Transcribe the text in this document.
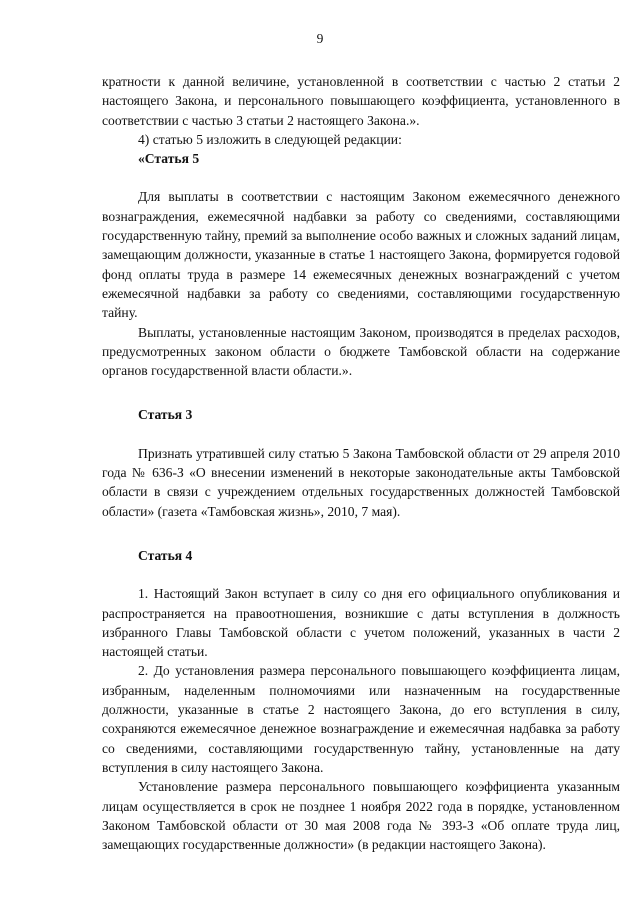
9

кратности к данной величине, установленной в соответствии с частью 2 статьи 2 настоящего Закона, и персонального повышающего коэффициента, установленного в соответствии с частью 3 статьи 2 настоящего Закона.».

4) статью 5 изложить в следующей редакции:

«Статья 5

Для выплаты в соответствии с настоящим Законом ежемесячного денежного вознаграждения, ежемесячной надбавки за работу со сведениями, составляющими государственную тайну, премий за выполнение особо важных и сложных заданий лицам, замещающим должности, указанные в статье 1 настоящего Закона, формируется годовой фонд оплаты труда в размере 14 ежемесячных денежных вознаграждений с учетом ежемесячной надбавки за работу со сведениями, составляющими государственную тайну.

Выплаты, установленные настоящим Законом, производятся в пределах расходов, предусмотренных законом области о бюджете Тамбовской области на содержание органов государственной власти области.».

Статья 3

Признать утратившей силу статью 5 Закона Тамбовской области от 29 апреля 2010 года № 636-З «О внесении изменений в некоторые законодательные акты Тамбовской области в связи с учреждением отдельных государственных должностей Тамбовской области» (газета «Тамбовская жизнь», 2010, 7 мая).

Статья 4

1. Настоящий Закон вступает в силу со дня его официального опубликования и распространяется на правоотношения, возникшие с даты вступления в должность избранного Главы Тамбовской области с учетом положений, указанных в части 2 настоящей статьи.

2. До установления размера персонального повышающего коэффициента лицам, избранным, наделенным полномочиями или назначенным на государственные должности, указанные в статье 2 настоящего Закона, до его вступления в силу, сохраняются ежемесячное денежное вознаграждение и ежемесячная надбавка за работу со сведениями, составляющими государственную тайну, установленные на дату вступления в силу настоящего Закона.

Установление размера персонального повышающего коэффициента указанным лицам осуществляется в срок не позднее 1 ноября 2022 года в порядке, установленном Законом Тамбовской области от 30 мая 2008 года № 393-З «Об оплате труда лиц, замещающих государственные должности» (в редакции настоящего Закона).
